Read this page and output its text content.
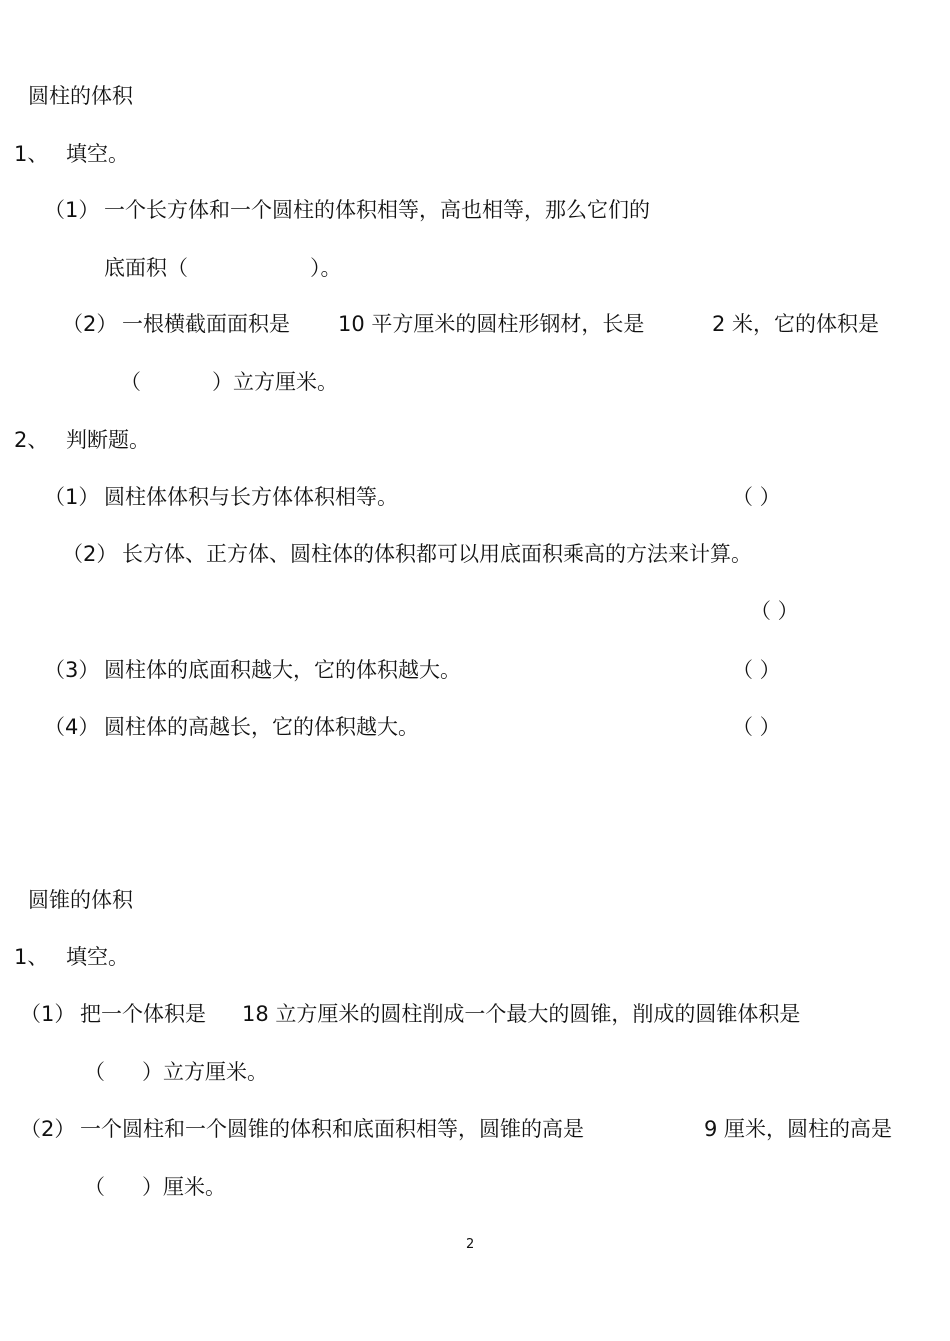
圆柱的体积
1、 填空。
（1） 一个长方体和一个圆柱的体积相等，高也相等，那么它们的
底面积（	）。
（2） 一根横截面面积是 10 平方厘米的圆柱形钢材，长是	2 米，它的体积是
（	）立方厘米。
2、 判断题。
（1） 圆柱体体积与长方体体积相等。	（ ）
（2） 长方体、正方体、圆柱体的体积都可以用底面积乘高的方法来计算。
（ ）
（3） 圆柱体的底面积越大，它的体积越大。	（ ）
（4） 圆柱体的高越长，它的体积越大。	（ ）
圆锥的体积
1、 填空。
（1） 把一个体积是 18 立方厘米的圆柱削成一个最大的圆锥，削成的圆锥体积是
（ ）立方厘米。
（2） 一个圆柱和一个圆锥的体积和底面积相等，圆锥的高是	9 厘米，圆柱的高是
（ ）厘米。
2
